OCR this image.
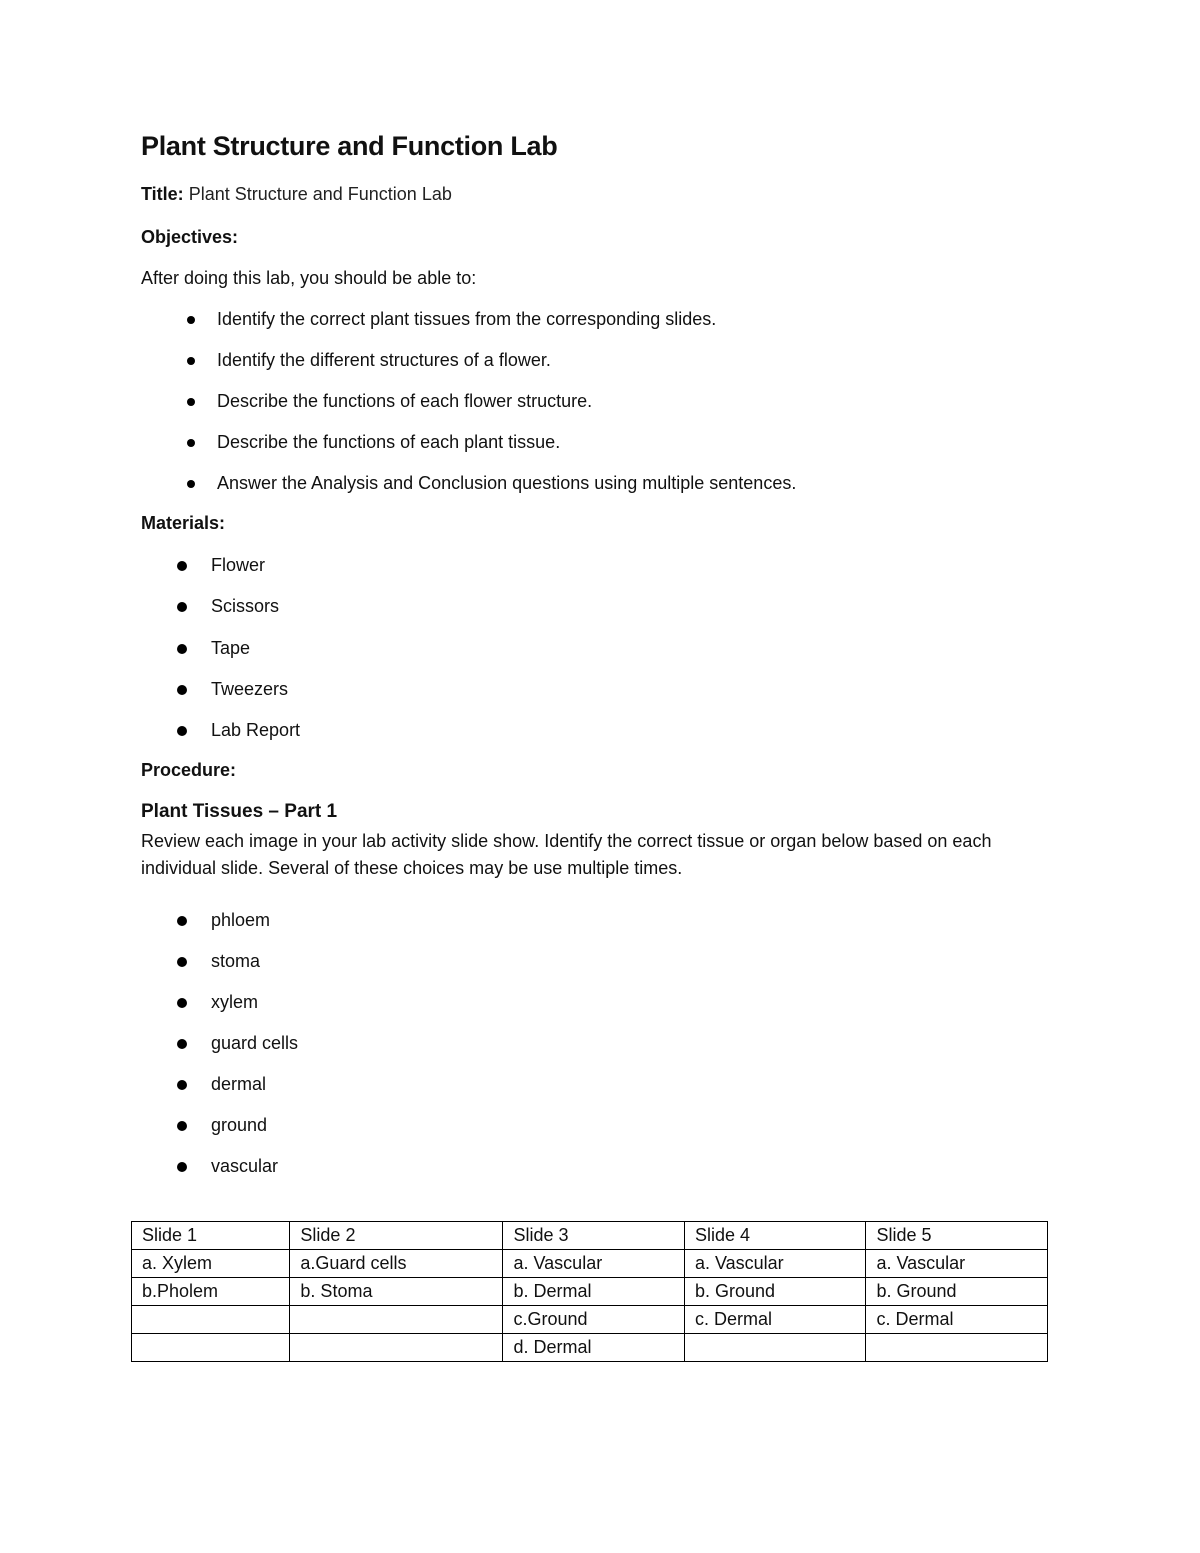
Plant Structure and Function Lab
Title: Plant Structure and Function Lab
Objectives:
After doing this lab, you should be able to:
Identify the correct plant tissues from the corresponding slides.
Identify the different structures of a flower.
Describe the functions of each flower structure.
Describe the functions of each plant tissue.
Answer the Analysis and Conclusion questions using multiple sentences.
Materials:
Flower
Scissors
Tape
Tweezers
Lab Report
Procedure:
Plant Tissues – Part 1
Review each image in your lab activity slide show. Identify the correct tissue or organ below based on each individual slide. Several of these choices may be use multiple times.
phloem
stoma
xylem
guard cells
dermal
ground
vascular
Slide 1	Slide 2	Slide 3	Slide 4	Slide 5
a. Xylem	a.Guard cells	a. Vascular	a. Vascular	a. Vascular
b.Pholem	b. Stoma	b. Dermal	b. Ground	b. Ground
		c.Ground	c. Dermal	c. Dermal
		d. Dermal		
